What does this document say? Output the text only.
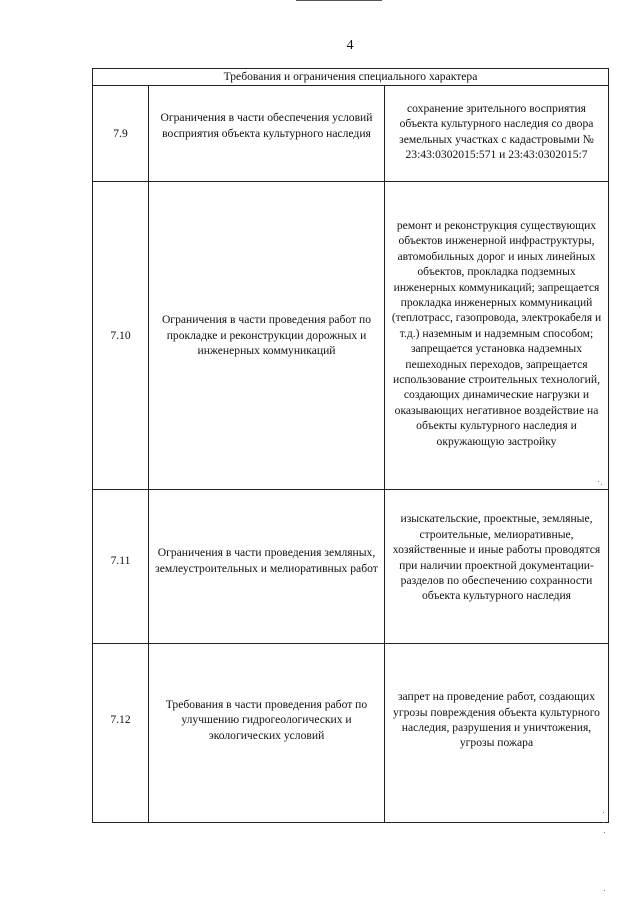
4
Требования и ограничения специального характера		

7.9	Ограничения в части обеспечения условий восприятия объекта культурного наследия	сохранение зрительного восприятия объекта культурного наследия со двора земельных участках с кадастровыми № 23:43:0302015:571 и 23:43:0302015:7

7.10	Ограничения в части проведения работ по прокладке и реконструкции дорожных и инженерных коммуникаций	ремонт и реконструкция существующих объектов инженерной инфраструктуры, автомобильных дорог и иных линейных объектов, прокладка подземных инженерных коммуникаций; запрещается прокладка инженерных коммуникаций (теплотрасс, газопровода, электрокабеля и т.д.) наземным и надземным способом; запрещается установка надземных пешеходных переходов, запрещается использование строительных технологий, создающих динамические нагрузки и оказывающих негативное воздействие на объекты культурного наследия и окружающую застройку

7.11	Ограничения в части проведения земляных, землеустроительных и мелиоративных работ	изыскательские, проектные, земляные, строительные, мелиоративные, хозяйственные и иные работы проводятся при наличии проектной документации- разделов по обеспечению сохранности объекта культурного наследия

7.12	Требования в части проведения работ по улучшению гидрогеологических и экологических условий	запрет на проведение работ, создающих угрозы повреждения объекта культурного наследия, разрушения и уничтожения, угрозы пожара
